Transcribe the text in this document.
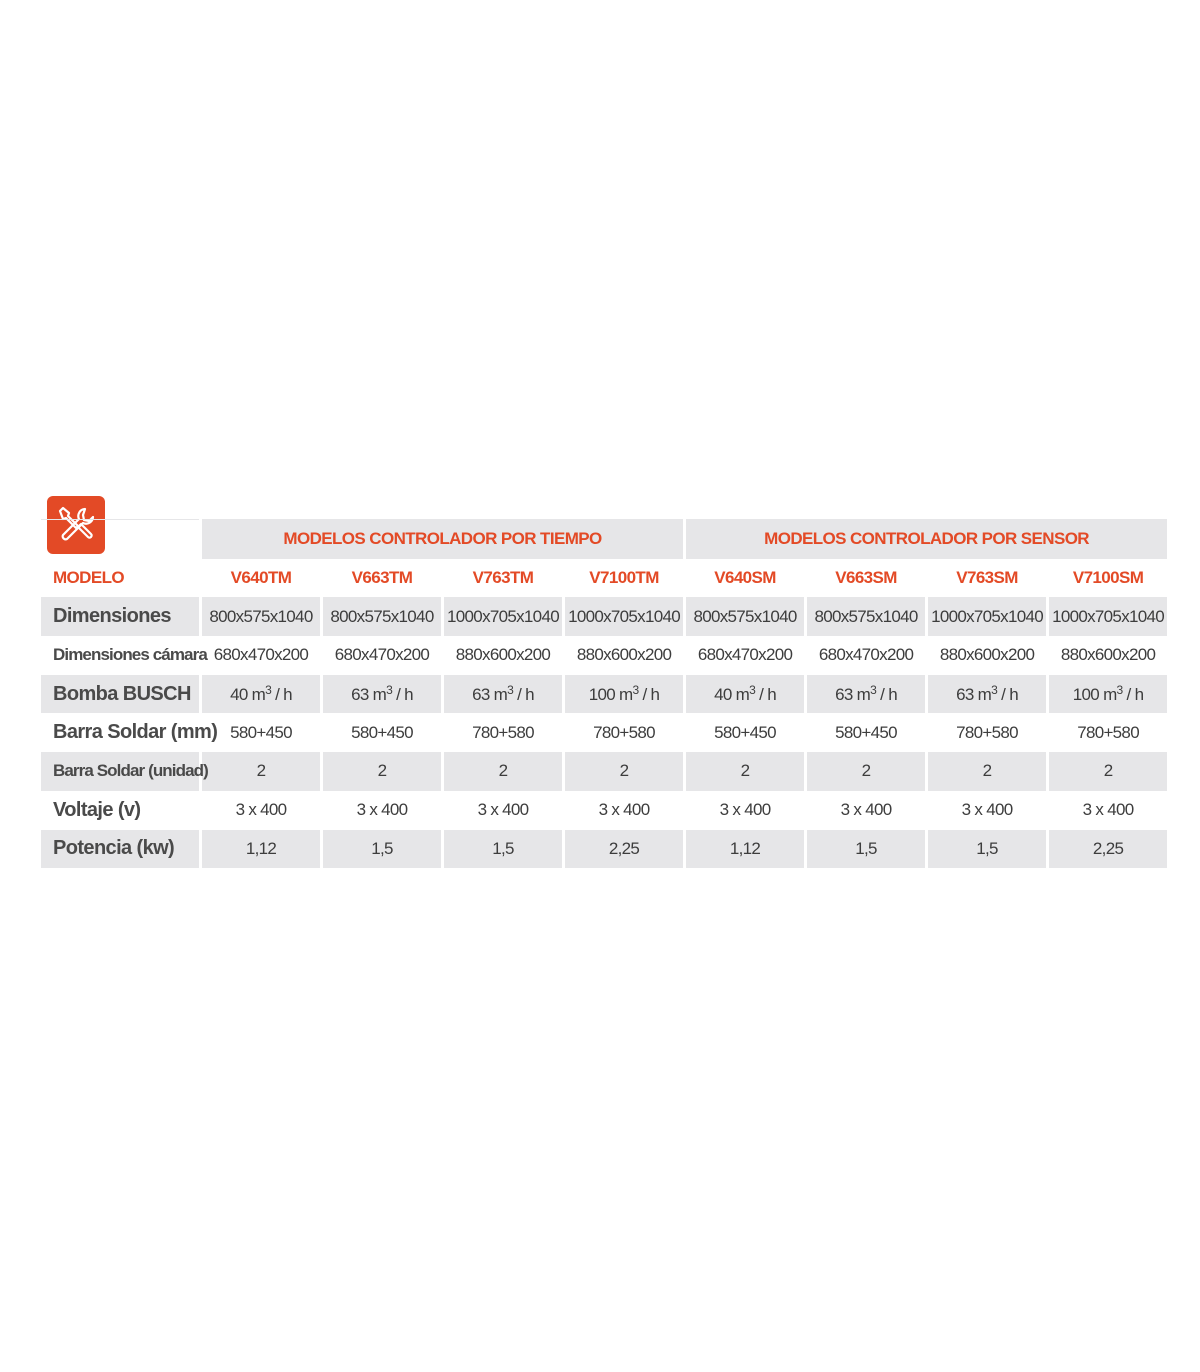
	MODELOS CONTROLADOR POR TIEMPO				MODELOS CONTROLADOR POR SENSOR			
MODELO	V640TM	V663TM	V763TM	V7100TM	V640SM	V663SM	V763SM	V7100SM
Dimensiones	800x575x1040	800x575x1040	1000x705x1040	1000x705x1040	800x575x1040	800x575x1040	1000x705x1040	1000x705x1040
Dimensiones cámara	680x470x200	680x470x200	880x600x200	880x600x200	680x470x200	680x470x200	880x600x200	880x600x200
Bomba BUSCH	40 $m^3$ / h	63 $m^3$ / h	63 $m^3$ / h	100 $m^3$ / h	40 $m^3$ / h	63 $m^3$ / h	63 $m^3$ / h	100 $m^3$ / h
Barra Soldar (mm)	580+450	580+450	780+580	780+580	580+450	580+450	780+580	780+580
Barra Soldar (unidad)	2	2	2	2	2	2	2	2
Voltaje (v)	3 x 400	3 x 400	3 x 400	3 x 400	3 x 400	3 x 400	3 x 400	3 x 400
Potencia (kw)	1,12	1,5	1,5	2,25	1,12	1,5	1,5	2,25
